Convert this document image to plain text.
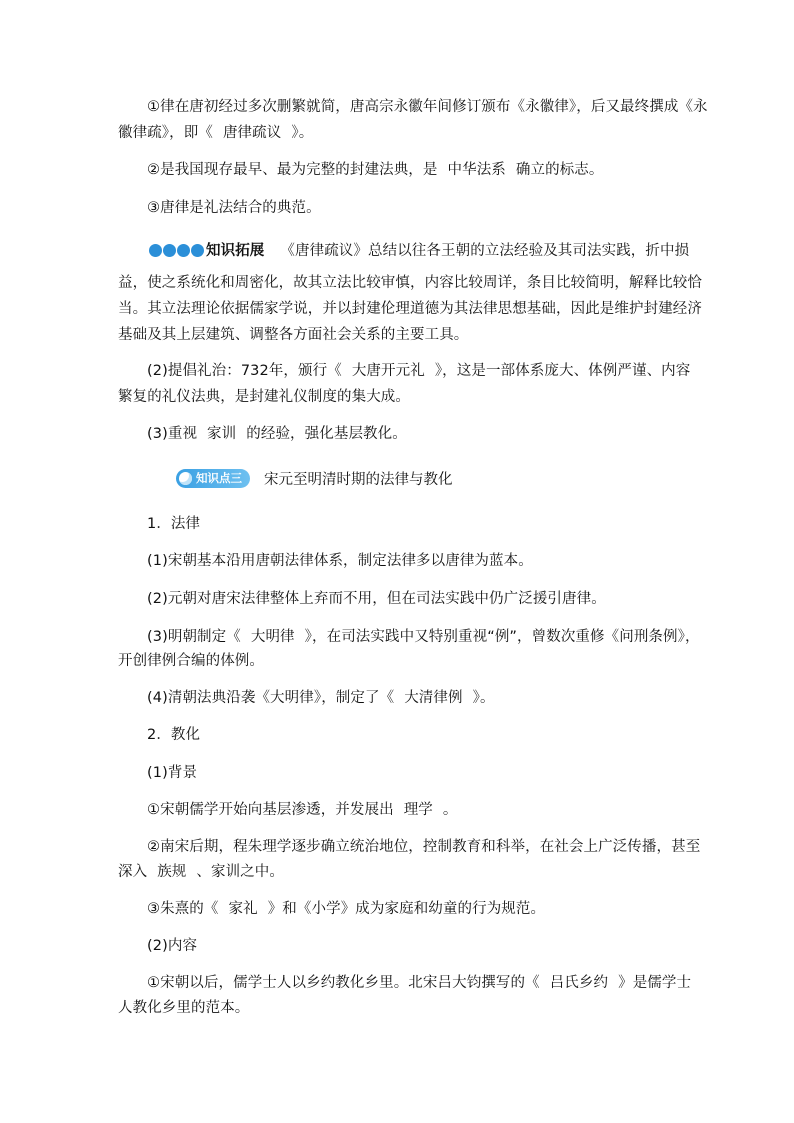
①律在唐初经过多次删繁就简，唐高宗永徽年间修订颁布《永徽律》，后又最终撰成《永
徽律疏》，即《 唐律疏议 》。
②是我国现存最早、最为完整的封建法典，是 中华法系 确立的标志。
③唐律是礼法结合的典范。
知识拓展 《唐律疏议》总结以往各王朝的立法经验及其司法实践，折中损
益，使之系统化和周密化，故其立法比较审慎，内容比较周详，条目比较简明，解释比较恰
当。其立法理论依据儒家学说，并以封建伦理道德为其法律思想基础，因此是维护封建经济
基础及其上层建筑、调整各方面社会关系的主要工具。
(2)提倡礼治：732年，颁行《 大唐开元礼 》，这是一部体系庞大、体例严谨、内容
繁复的礼仪法典，是封建礼仪制度的集大成。
(3)重视 家训 的经验，强化基层教化。
知识点三 宋元至明清时期的法律与教化
1．法律
(1)宋朝基本沿用唐朝法律体系，制定法律多以唐律为蓝本。
(2)元朝对唐宋法律整体上弃而不用，但在司法实践中仍广泛援引唐律。
(3)明朝制定《 大明律 》，在司法实践中又特别重视“例”，曾数次重修《问刑条例》，
开创律例合编的体例。
(4)清朝法典沿袭《大明律》，制定了《 大清律例 》。
2．教化
(1)背景
①宋朝儒学开始向基层渗透，并发展出 理学 。
②南宋后期，程朱理学逐步确立统治地位，控制教育和科举，在社会上广泛传播，甚至
深入 族规 、家训之中。
③朱熹的《 家礼 》和《小学》成为家庭和幼童的行为规范。
(2)内容
①宋朝以后，儒学士人以乡约教化乡里。北宋吕大钧撰写的《 吕氏乡约 》是儒学士
人教化乡里的范本。
